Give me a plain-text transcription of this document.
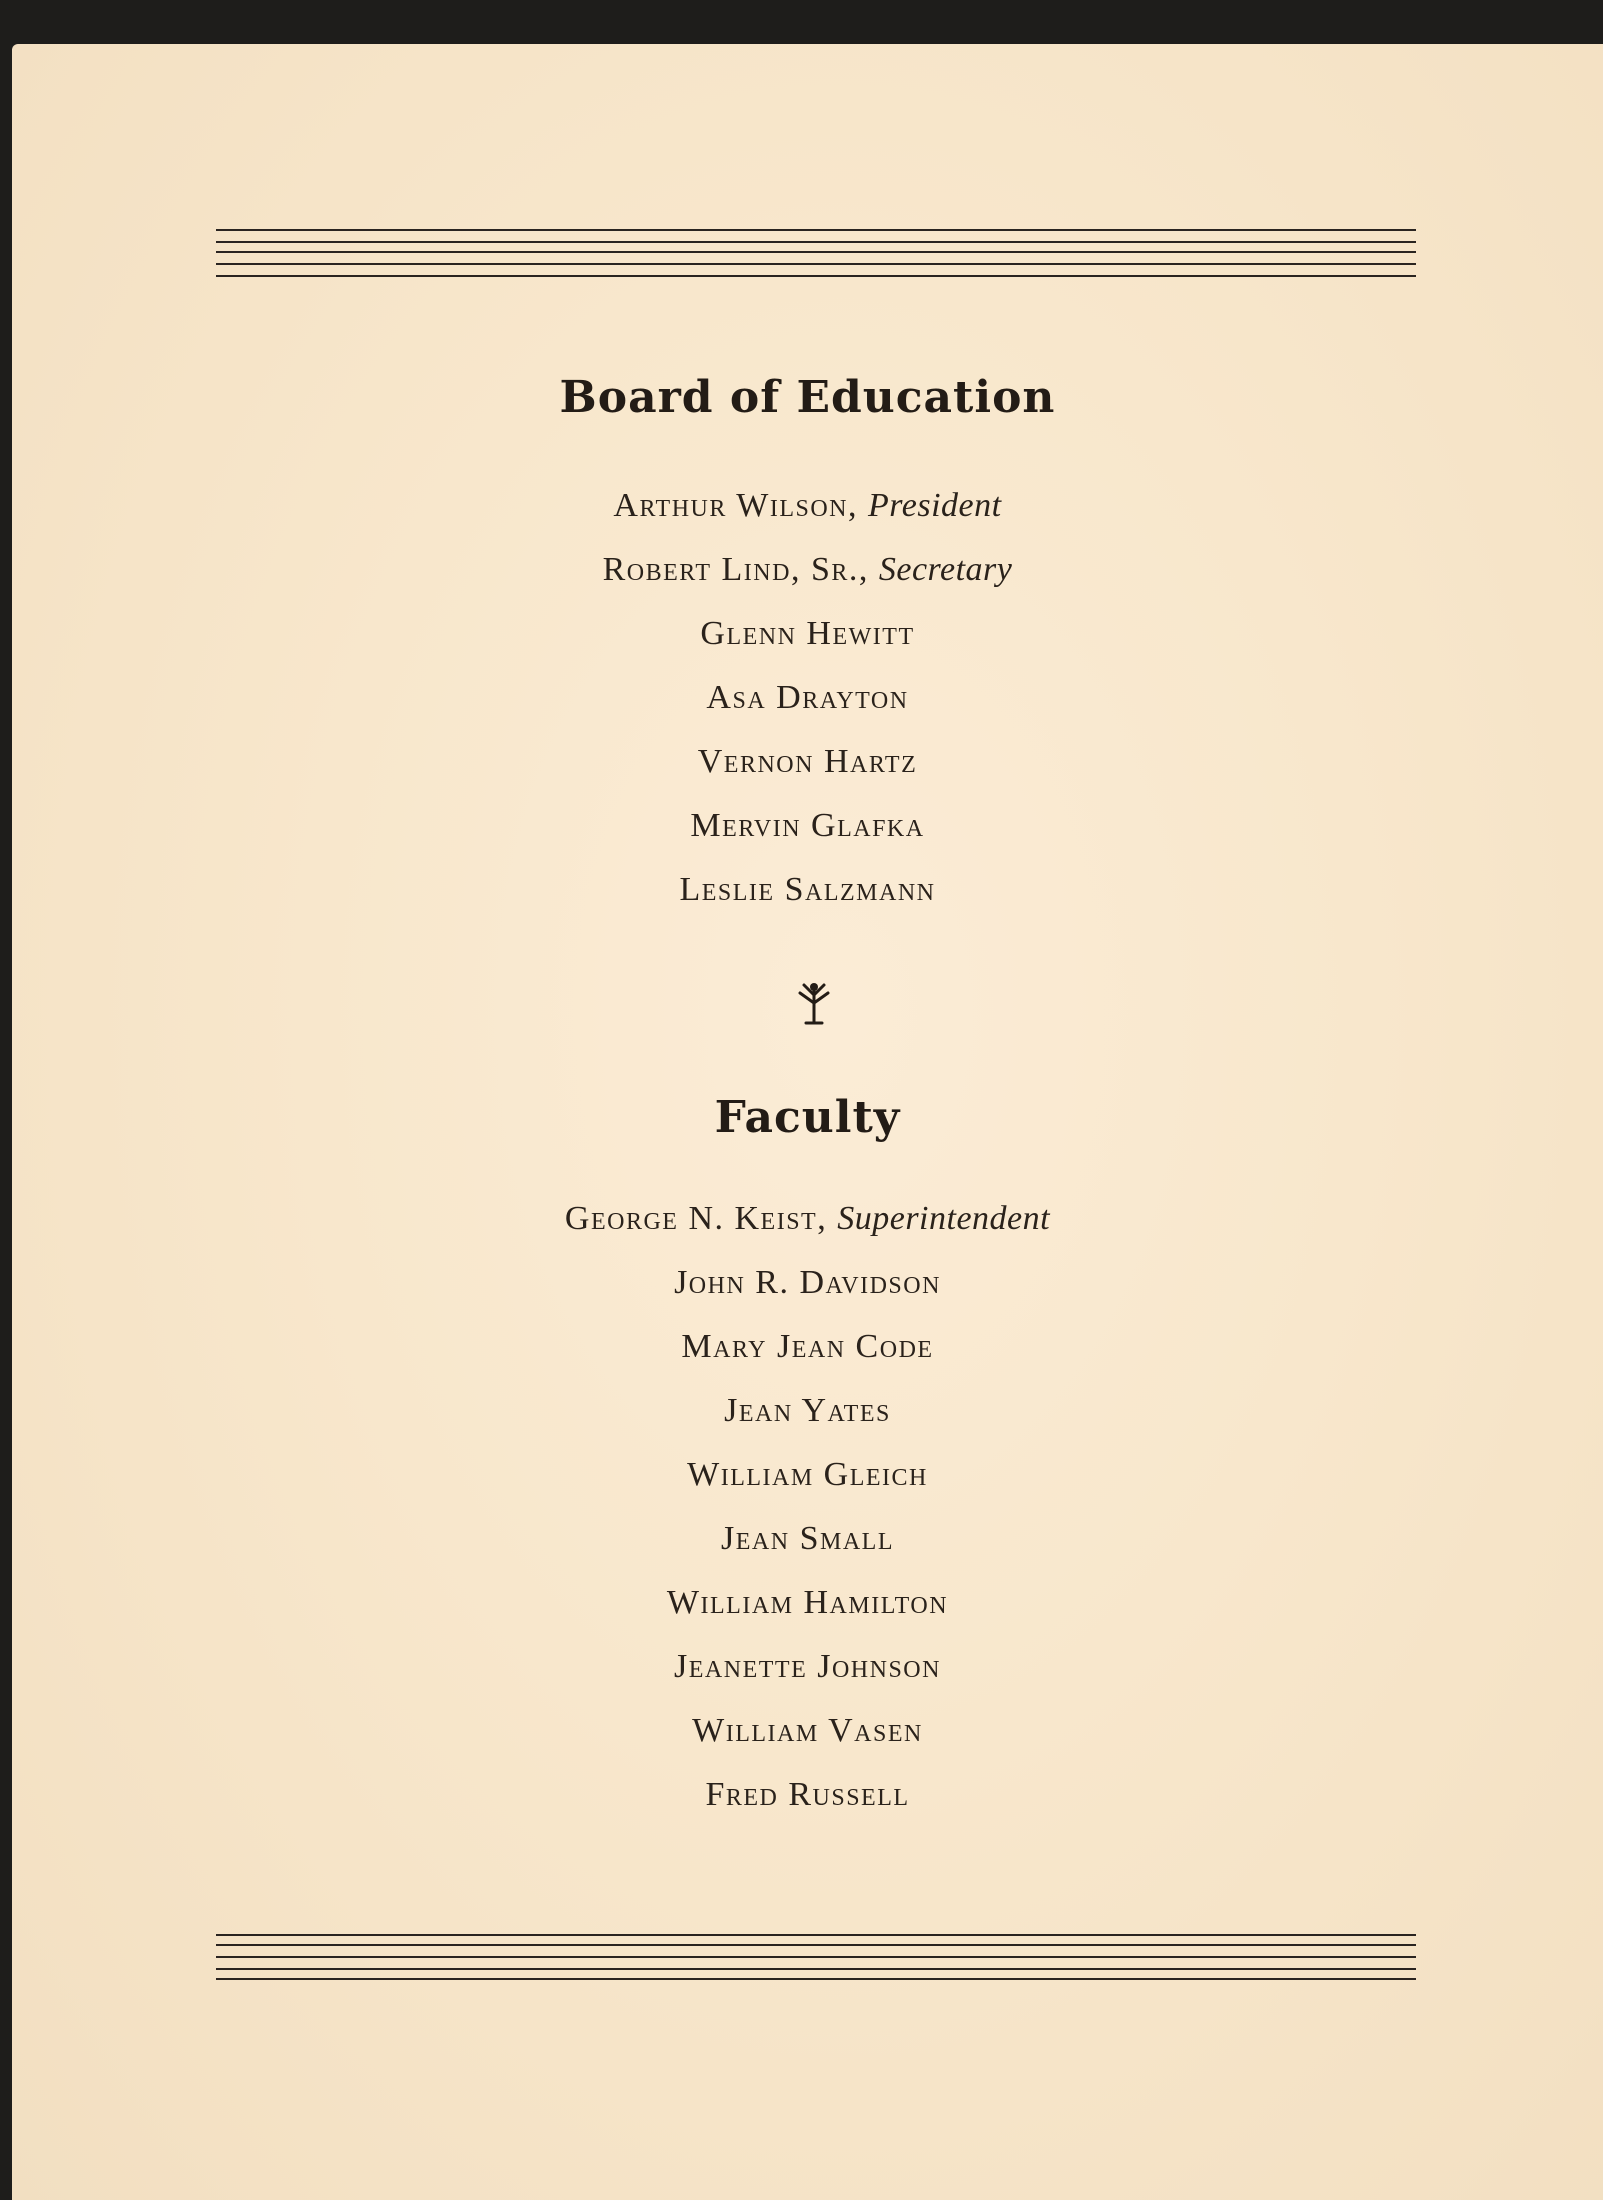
Board of Education
Arthur Wilson, President
Robert Lind, Sr., Secretary
Glenn Hewitt
Asa Drayton
Vernon Hartz
Mervin Glafka
Leslie Salzmann
Faculty
George N. Keist, Superintendent
John R. Davidson
Mary Jean Code
Jean Yates
William Gleich
Jean Small
William Hamilton
Jeanette Johnson
William Vasen
Fred Russell
